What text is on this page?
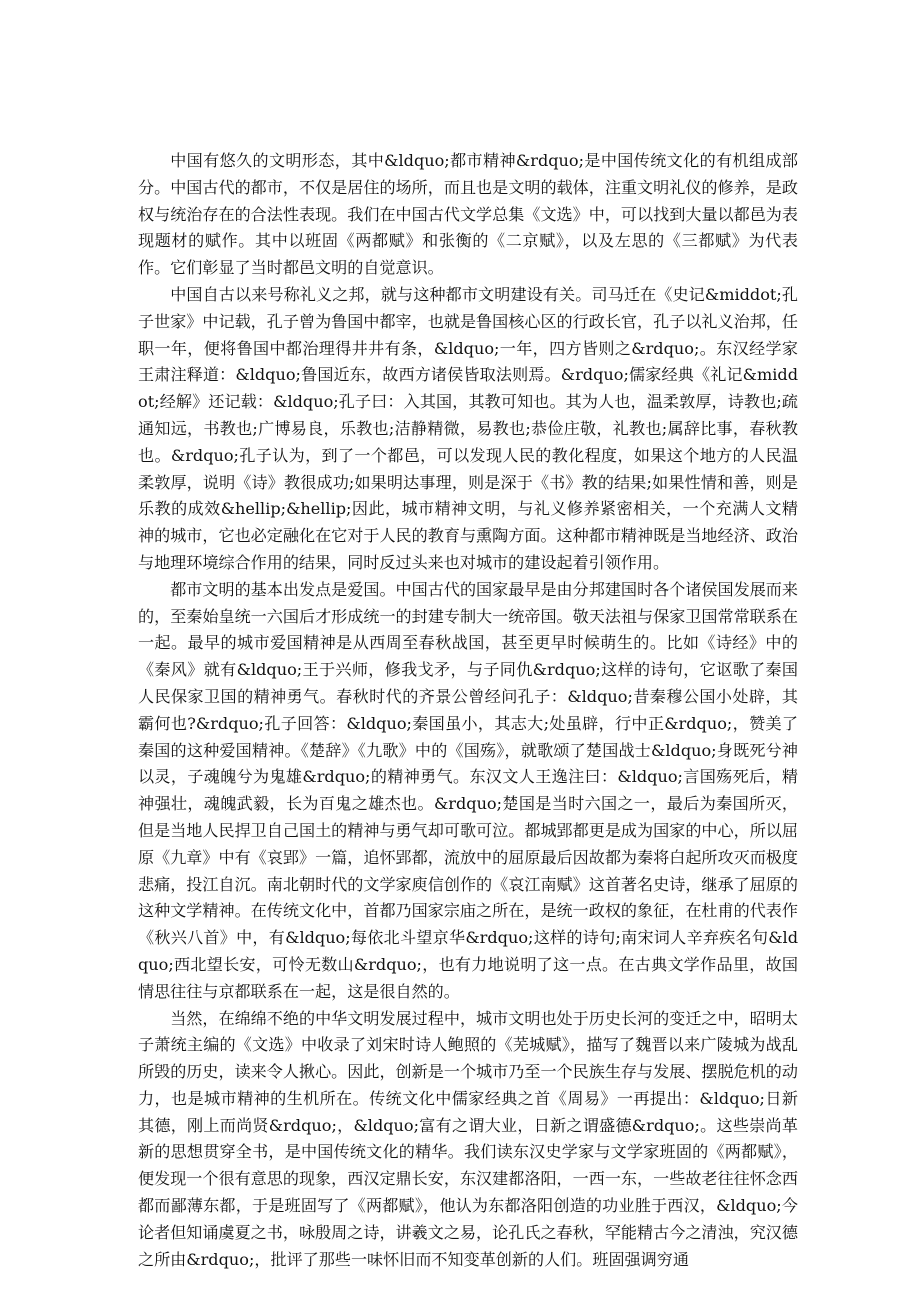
中国有悠久的文明形态，其中&ldquo;都市精神&rdquo;是中国传统文化的有机组成部分。中国古代的都市，不仅是居住的场所，而且也是文明的载体，注重文明礼仪的修养，是政权与统治存在的合法性表现。我们在中国古代文学总集《文选》中，可以找到大量以都邑为表现题材的赋作。其中以班固《两都赋》和张衡的《二京赋》，以及左思的《三都赋》为代表作。它们彰显了当时都邑文明的自觉意识。

中国自古以来号称礼义之邦，就与这种都市文明建设有关。司马迁在《史记&middot;孔子世家》中记载，孔子曾为鲁国中都宰，也就是鲁国核心区的行政长官，孔子以礼义治邦，任职一年，便将鲁国中都治理得井井有条，&ldquo;一年，四方皆则之&rdquo;。东汉经学家王肃注释道：&ldquo;鲁国近东，故西方诸侯皆取法则焉。&rdquo;儒家经典《礼记&middot;经解》还记载：&ldquo;孔子曰：入其国，其教可知也。其为人也，温柔敦厚，诗教也;疏通知远，书教也;广博易良，乐教也;洁静精微，易教也;恭俭庄敬，礼教也;属辞比事，春秋教也。&rdquo;孔子认为，到了一个都邑，可以发现人民的教化程度，如果这个地方的人民温柔敦厚，说明《诗》教很成功;如果明达事理，则是深于《书》教的结果;如果性情和善，则是乐教的成效&hellip;&hellip;因此，城市精神文明，与礼义修养紧密相关，一个充满人文精神的城市，它也必定融化在它对于人民的教育与熏陶方面。这种都市精神既是当地经济、政治与地理环境综合作用的结果，同时反过头来也对城市的建设起着引领作用。

都市文明的基本出发点是爱国。中国古代的国家最早是由分邦建国时各个诸侯国发展而来的，至秦始皇统一六国后才形成统一的封建专制大一统帝国。敬天法祖与保家卫国常常联系在一起。最早的城市爱国精神是从西周至春秋战国，甚至更早时候萌生的。比如《诗经》中的《秦风》就有&ldquo;王于兴师，修我戈矛，与子同仇&rdquo;这样的诗句，它讴歌了秦国人民保家卫国的精神勇气。春秋时代的齐景公曾经问孔子：&ldquo;昔秦穆公国小处辟，其霸何也?&rdquo;孔子回答：&ldquo;秦国虽小，其志大;处虽辟，行中正&rdquo;，赞美了秦国的这种爱国精神。《楚辞》《九歌》中的《国殇》，就歌颂了楚国战士&ldquo;身既死兮神以灵，子魂魄兮为鬼雄&rdquo;的精神勇气。东汉文人王逸注曰：&ldquo;言国殇死后，精神强壮，魂魄武毅，长为百鬼之雄杰也。&rdquo;楚国是当时六国之一，最后为秦国所灭，但是当地人民捍卫自己国土的精神与勇气却可歌可泣。都城郢都更是成为国家的中心，所以屈原《九章》中有《哀郢》一篇，追怀郢都，流放中的屈原最后因故都为秦将白起所攻灭而极度悲痛，投江自沉。南北朝时代的文学家庾信创作的《哀江南赋》这首著名史诗，继承了屈原的这种文学精神。在传统文化中，首都乃国家宗庙之所在，是统一政权的象征，在杜甫的代表作《秋兴八首》中，有&ldquo;每依北斗望京华&rdquo;这样的诗句;南宋词人辛弃疾名句&ldquo;西北望长安，可怜无数山&rdquo;，也有力地说明了这一点。在古典文学作品里，故国情思往往与京都联系在一起，这是很自然的。

当然，在绵绵不绝的中华文明发展过程中，城市文明也处于历史长河的变迁之中，昭明太子萧统主编的《文选》中收录了刘宋时诗人鲍照的《芜城赋》，描写了魏晋以来广陵城为战乱所毁的历史，读来令人揪心。因此，创新是一个城市乃至一个民族生存与发展、摆脱危机的动力，也是城市精神的生机所在。传统文化中儒家经典之首《周易》一再提出：&ldquo;日新其德，刚上而尚贤&rdquo;，&ldquo;富有之谓大业，日新之谓盛德&rdquo;。这些崇尚革新的思想贯穿全书，是中国传统文化的精华。我们读东汉史学家与文学家班固的《两都赋》，便发现一个很有意思的现象，西汉定鼎长安，东汉建都洛阳，一西一东，一些故老往往怀念西都而鄙薄东都，于是班固写了《两都赋》，他认为东都洛阳创造的功业胜于西汉，&ldquo;今论者但知诵虞夏之书，咏殷周之诗，讲羲文之易，论孔氏之春秋，罕能精古今之清浊，究汉德之所由&rdquo;，批评了那些一味怀旧而不知变革创新的人们。班固强调穷通
